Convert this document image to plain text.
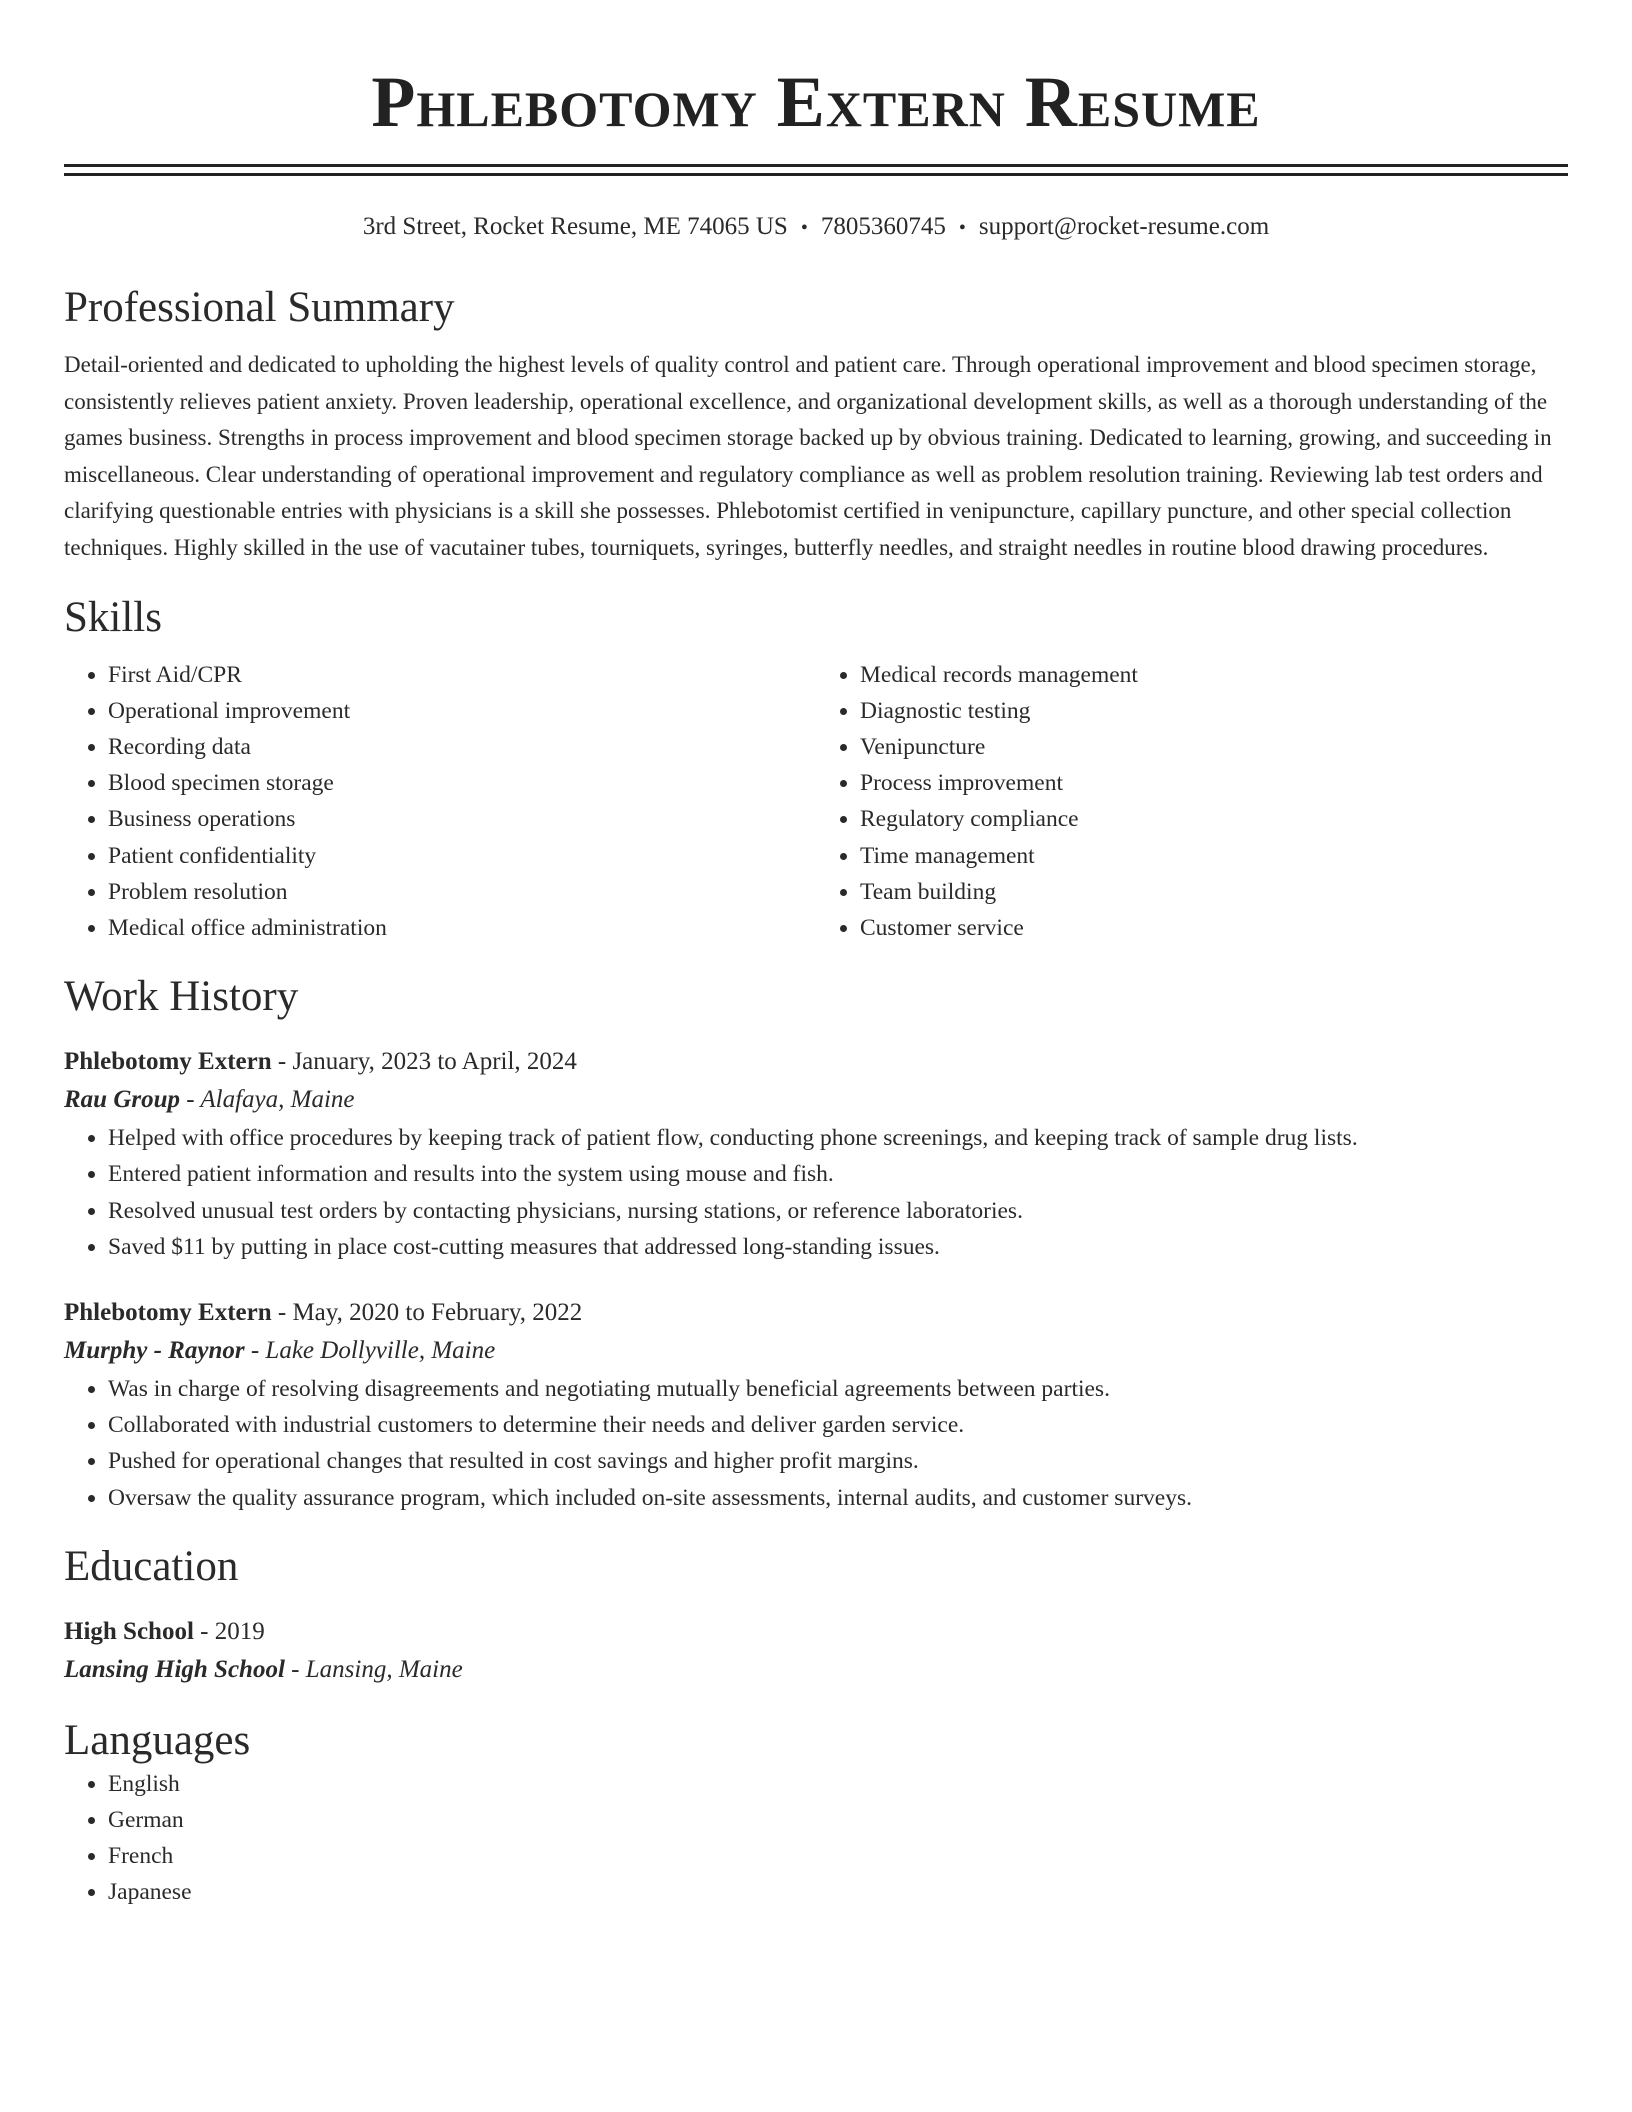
Phlebotomy Extern Resume
3rd Street, Rocket Resume, ME 74065 US • 7805360745 • support@rocket-resume.com
Professional Summary

Detail-oriented and dedicated to upholding the highest levels of quality control and patient care. Through operational improvement and blood specimen storage, consistently relieves patient anxiety. Proven leadership, operational excellence, and organizational development skills, as well as a thorough understanding of the games business. Strengths in process improvement and blood specimen storage backed up by obvious training. Dedicated to learning, growing, and succeeding in miscellaneous. Clear understanding of operational improvement and regulatory compliance as well as problem resolution training. Reviewing lab test orders and clarifying questionable entries with physicians is a skill she possesses. Phlebotomist certified in venipuncture, capillary puncture, and other special collection techniques. Highly skilled in the use of vacutainer tubes, tourniquets, syringes, butterfly needles, and straight needles in routine blood drawing procedures.

Skills
• First Aid/CPR
• Operational improvement
• Recording data
• Blood specimen storage
• Business operations
• Patient confidentiality
• Problem resolution
• Medical office administration
• Medical records management
• Diagnostic testing
• Venipuncture
• Process improvement
• Regulatory compliance
• Time management
• Team building
• Customer service
Work History
Phlebotomy Extern - January, 2023 to April, 2024
Rau Group - Alafaya, Maine
• Helped with office procedures by keeping track of patient flow, conducting phone screenings, and keeping track of sample drug lists.
• Entered patient information and results into the system using mouse and fish.
• Resolved unusual test orders by contacting physicians, nursing stations, or reference laboratories.
• Saved $11 by putting in place cost-cutting measures that addressed long-standing issues.
Phlebotomy Extern - May, 2020 to February, 2022
Murphy - Raynor - Lake Dollyville, Maine
• Was in charge of resolving disagreements and negotiating mutually beneficial agreements between parties.
• Collaborated with industrial customers to determine their needs and deliver garden service.
• Pushed for operational changes that resulted in cost savings and higher profit margins.
• Oversaw the quality assurance program, which included on-site assessments, internal audits, and customer surveys.
Education
High School - 2019
Lansing High School - Lansing, Maine
Languages
• English
• German
• French
• Japanese
